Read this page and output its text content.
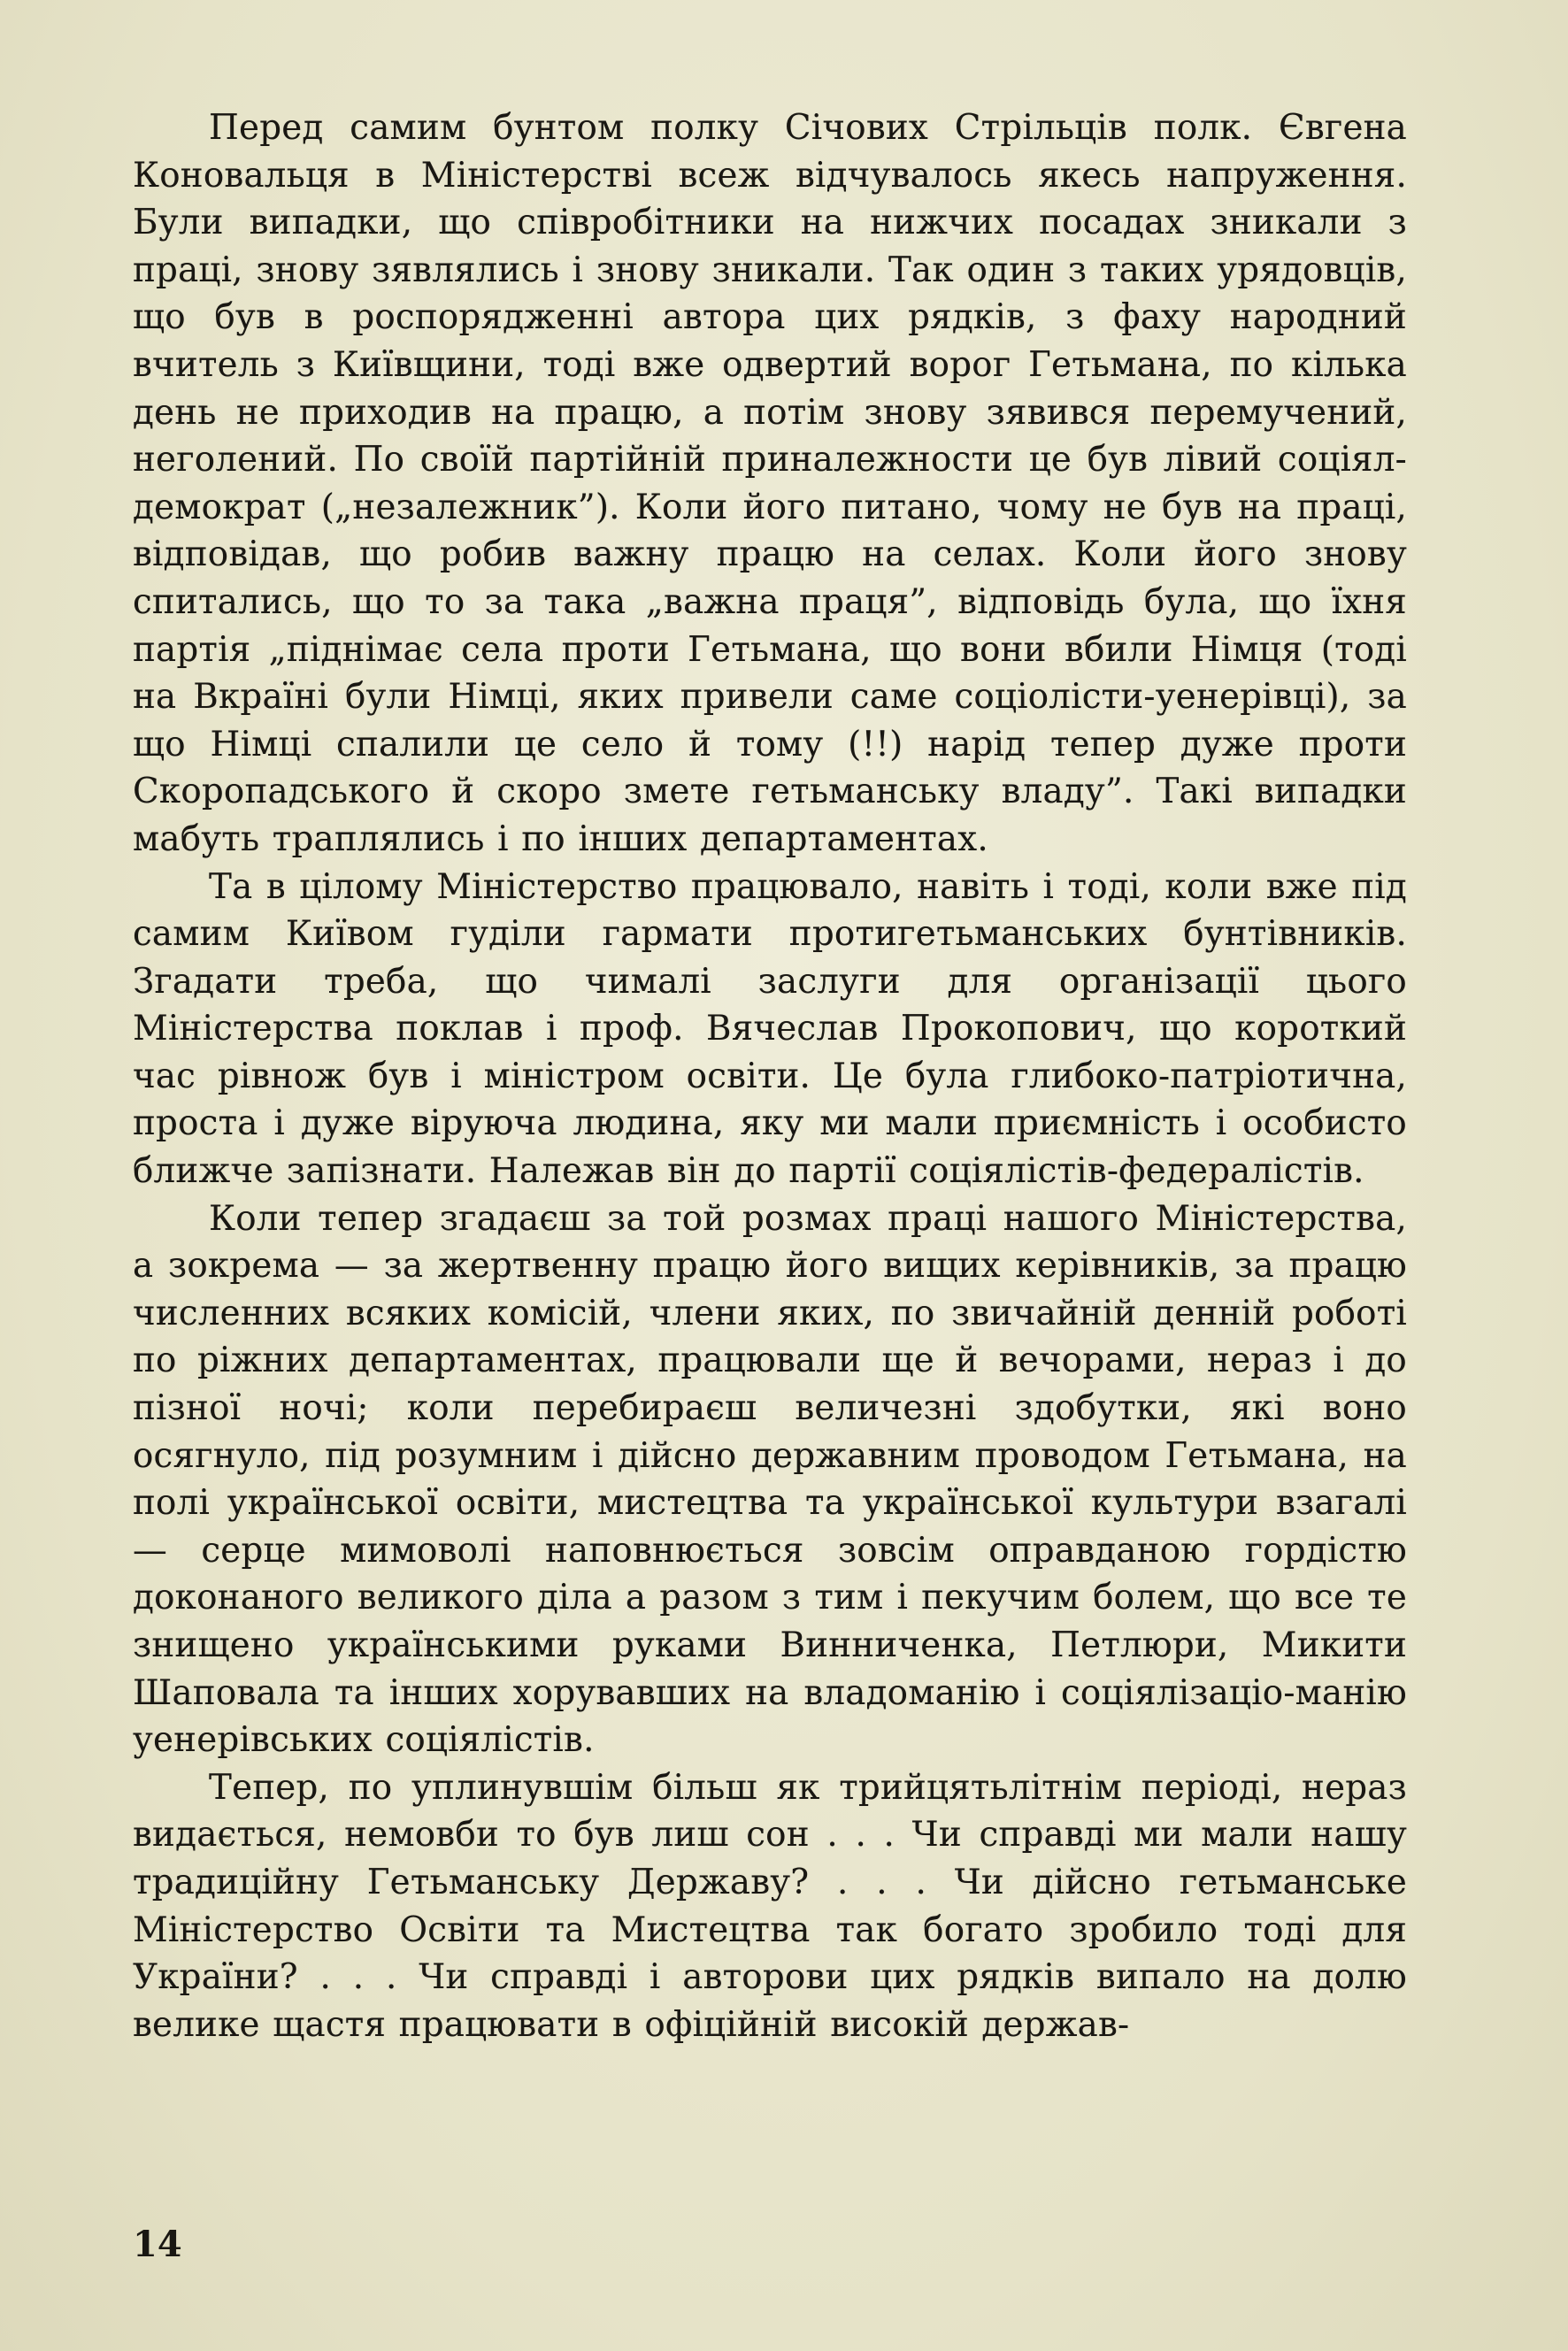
Перед самим бунтом полку Січових Стрільців полк. Євгена Коновальця в Міністерстві всеж відчувалось якесь напруження. Були випадки, що співробітники на нижчих посадах зникали з праці, знову зявлялись і знову зникали. Так один з таких урядовців, що був в роспорядженні автора цих рядків, з фаху народний вчитель з Київщини, тоді вже одвертий ворог Гетьмана, по кілька день не приходив на працю, а потім знову зявився перемучений, неголений. По своїй партійній приналежности це був лівий соціял-демократ („незалежник”). Коли його питано, чому не був на праці, відповідав, що робив важну працю на селах. Коли його знову спитались, що то за така „важна праця”, відповідь була, що їхня партія „піднімає села проти Гетьмана, що вони вбили Німця (тоді на Вкраїні були Німці, яких привели саме соціолісти-уенерівці), за що Німці спалили це село й тому (!!) нарід тепер дуже проти Скоропадського й скоро змете гетьманську владу”. Такі випадки мабуть траплялись і по інших департаментах.

Та в цілому Міністерство працювало, навіть і тоді, коли вже під самим Київом гуділи гармати протигетьманських бунтівників. Згадати треба, що чималі заслуги для організації цього Міністерства поклав і проф. Вячеслав Прокопович, що короткий час рівнож був і міністром освіти. Це була глибоко-патріотична, проста і дуже віруюча людина, яку ми мали приємність і особисто ближче запізнати. Належав він до партії соціялістів-федералістів.

Коли тепер згадаєш за той розмах праці нашого Міністерства, а зокрема — за жертвенну працю його вищих керівників, за працю численних всяких комісій, члени яких, по звичайній денній роботі по ріжних департаментах, працювали ще й вечорами, нераз і до пізної ночі; коли перебираєш величезні здобутки, які воно осягнуло, під розумним і дійсно державним проводом Гетьмана, на полі української освіти, мистецтва та української культури взагалі — серце мимоволі наповнюється зовсім оправданою гордістю доконаного великого діла а разом з тим і пекучим болем, що все те знищено українськими руками Винниченка, Петлюри, Микити Шаповала та інших хорувавших на владоманію і соціялізаціо-манію уенерівських соціялістів.

Тепер, по уплинувшім більш як трийцятьлітнім періоді, нераз видається, немовби то був лиш сон . . . Чи справді ми мали нашу традиційну Гетьманську Державу? . . . Чи дійсно гетьманське Міністерство Освіти та Мистецтва так богато зробило тоді для України? . . . Чи справді і авторови цих рядків випало на долю велике щастя працювати в офіційній високій держав-

14
